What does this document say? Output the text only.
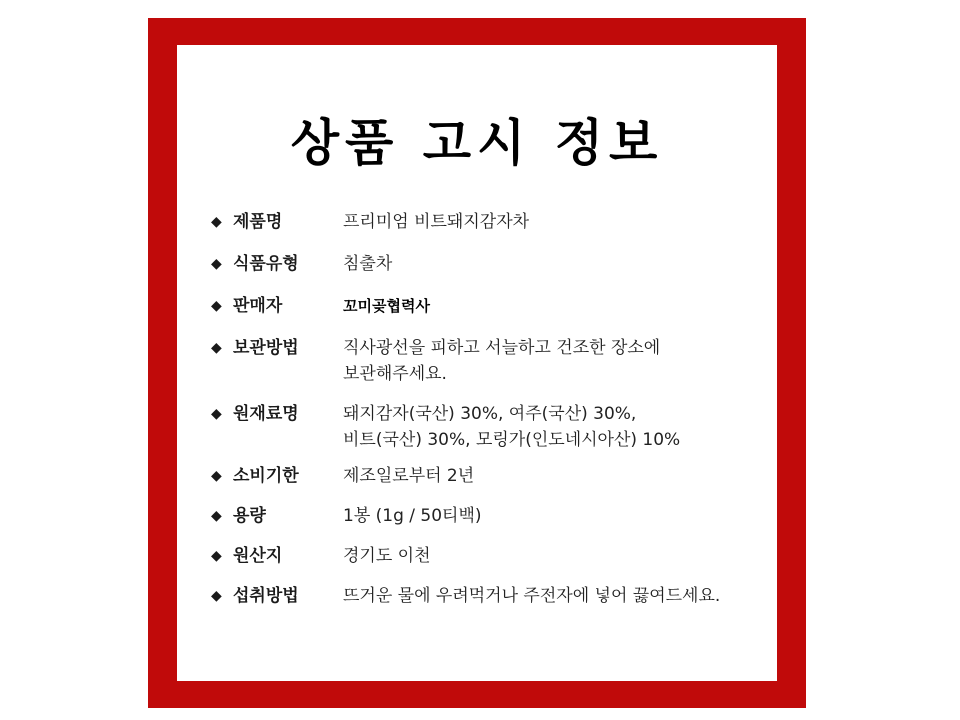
상품 고시 정보
◆ 제품명	프리미엄 비트돼지감자차
◆ 식품유형	침출차
◆ 판매자	꼬미곶협력사
◆ 보관방법	직사광선을 피하고 서늘하고 건조한 장소에
보관해주세요.
◆ 원재료명	돼지감자(국산) 30%, 여주(국산) 30%,
비트(국산) 30%, 모링가(인도네시아산) 10%
◆ 소비기한	제조일로부터 2년
◆ 용량	1봉 (1g / 50티백)
◆ 원산지	경기도 이천
◆ 섭취방법	뜨거운 물에 우려먹거나 주전자에 넣어 끓여드세요.
